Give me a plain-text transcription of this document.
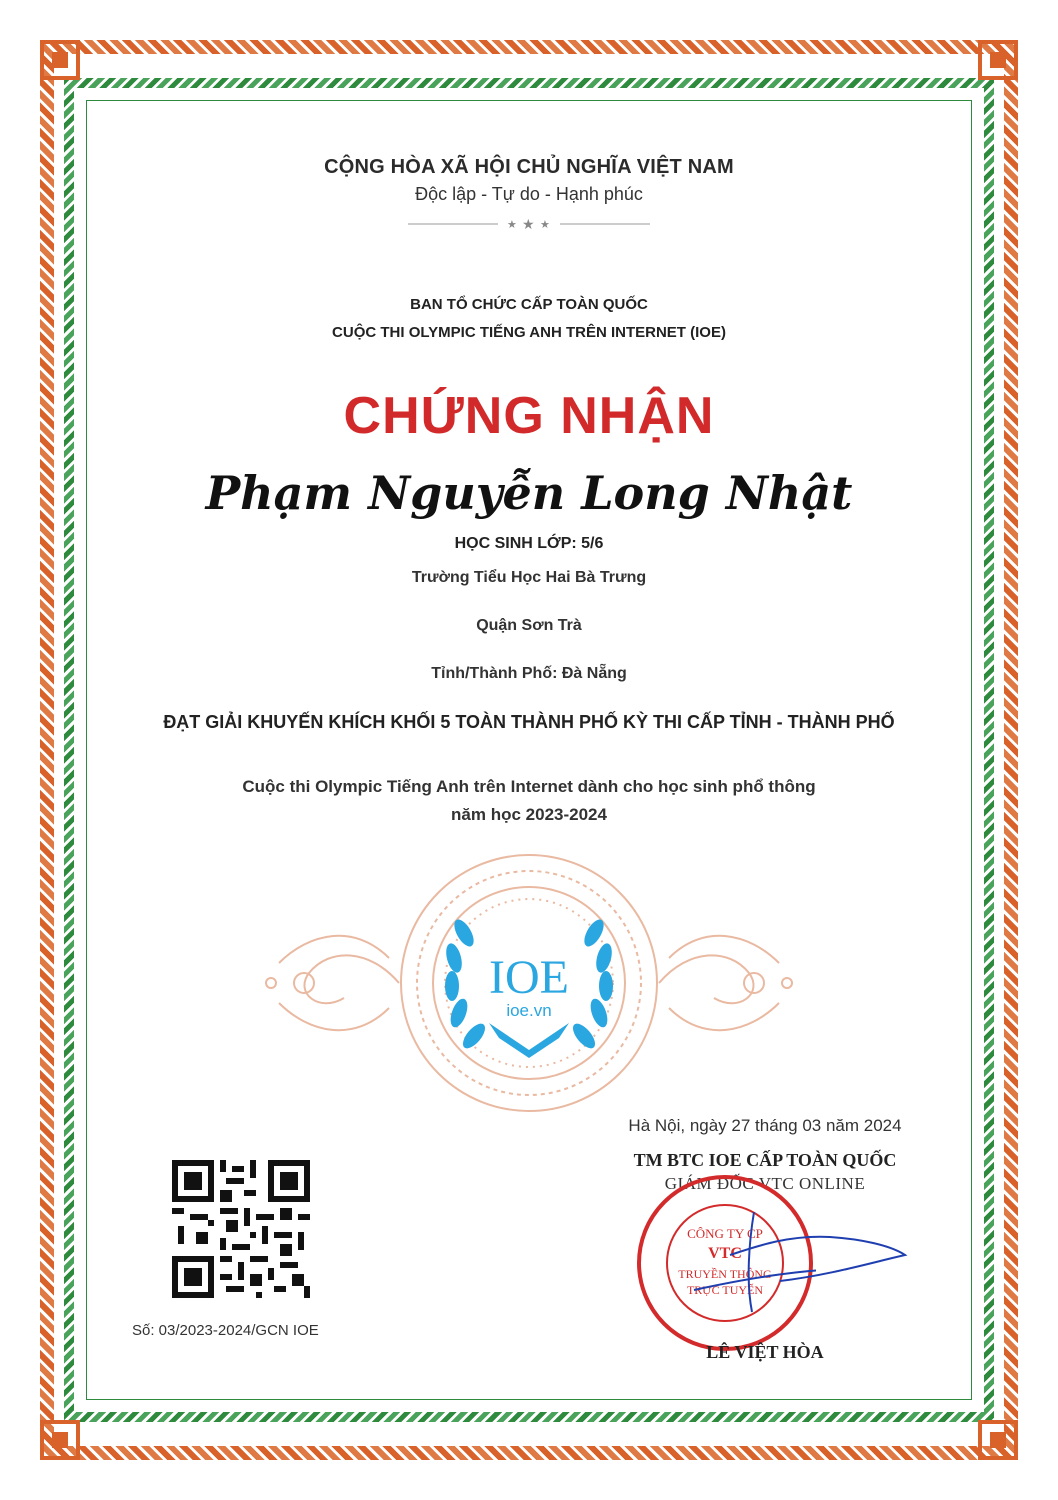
CỘNG HÒA XÃ HỘI CHỦ NGHĨA VIỆT NAM
Độc lập - Tự do - Hạnh phúc
★ ★ ★
BAN TỔ CHỨC CẤP TOÀN QUỐC
CUỘC THI OLYMPIC TIẾNG ANH TRÊN INTERNET (IOE)
CHỨNG NHẬN
Phạm Nguyễn Long Nhật
HỌC SINH LỚP: 5/6
Trường Tiểu Học Hai Bà Trưng
Quận Sơn Trà
Tỉnh/Thành Phố: Đà Nẵng
ĐẠT GIẢI KHUYẾN KHÍCH KHỐI 5 TOÀN THÀNH PHỐ KỲ THI CẤP TỈNH - THÀNH PHỐ
Cuộc thi Olympic Tiếng Anh trên Internet dành cho học sinh phổ thông
năm học 2023-2024
IOE
ioe.vn
Hà Nội, ngày 27 tháng 03 năm 2024
TM BTC IOE CẤP TOÀN QUỐC
GIÁM ĐỐC VTC ONLINE
CÔNG TY CP
VTC
TRUYỀN THÔNG
TRỰC TUYẾN
LÊ VIỆT HÒA
Số: 03/2023-2024/GCN IOE
